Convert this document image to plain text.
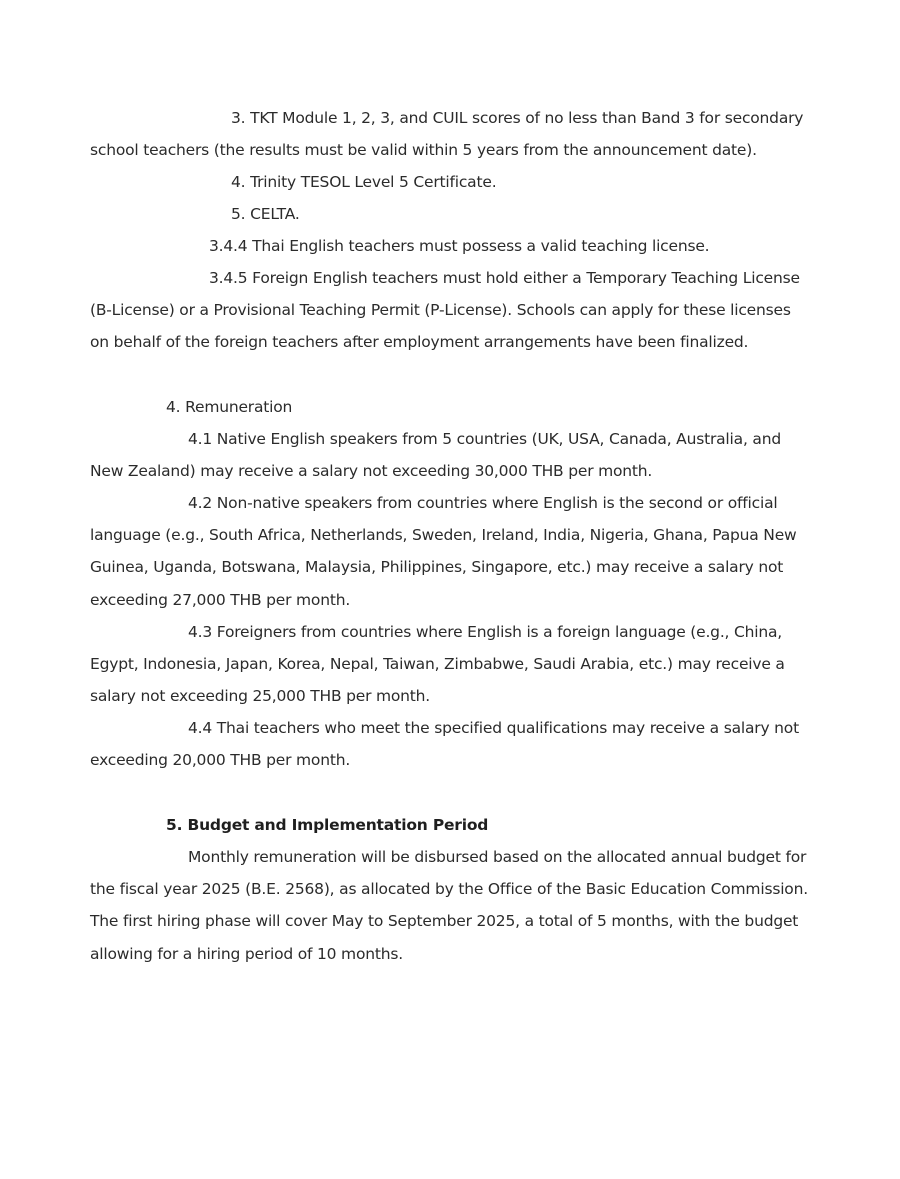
3. TKT Module 1, 2, 3, and CUIL scores of no less than Band 3 for secondary school teachers (the results must be valid within 5 years from the announcement date).

4. Trinity TESOL Level 5 Certificate.

5. CELTA.

3.4.4 Thai English teachers must possess a valid teaching license.

3.4.5 Foreign English teachers must hold either a Temporary Teaching License (B-License) or a Provisional Teaching Permit (P-License). Schools can apply for these licenses on behalf of the foreign teachers after employment arrangements have been finalized.

4. Remuneration

4.1 Native English speakers from 5 countries (UK, USA, Canada, Australia, and New Zealand) may receive a salary not exceeding 30,000 THB per month.

4.2 Non-native speakers from countries where English is the second or official language (e.g., South Africa, Netherlands, Sweden, Ireland, India, Nigeria, Ghana, Papua New Guinea, Uganda, Botswana, Malaysia, Philippines, Singapore, etc.) may receive a salary not exceeding 27,000 THB per month.

4.3 Foreigners from countries where English is a foreign language (e.g., China, Egypt, Indonesia, Japan, Korea, Nepal, Taiwan, Zimbabwe, Saudi Arabia, etc.) may receive a salary not exceeding 25,000 THB per month.

4.4 Thai teachers who meet the specified qualifications may receive a salary not exceeding 20,000 THB per month.

5. Budget and Implementation Period

Monthly remuneration will be disbursed based on the allocated annual budget for the fiscal year 2025 (B.E. 2568), as allocated by the Office of the Basic Education Commission. The first hiring phase will cover May to September 2025, a total of 5 months, with the budget allowing for a hiring period of 10 months.
